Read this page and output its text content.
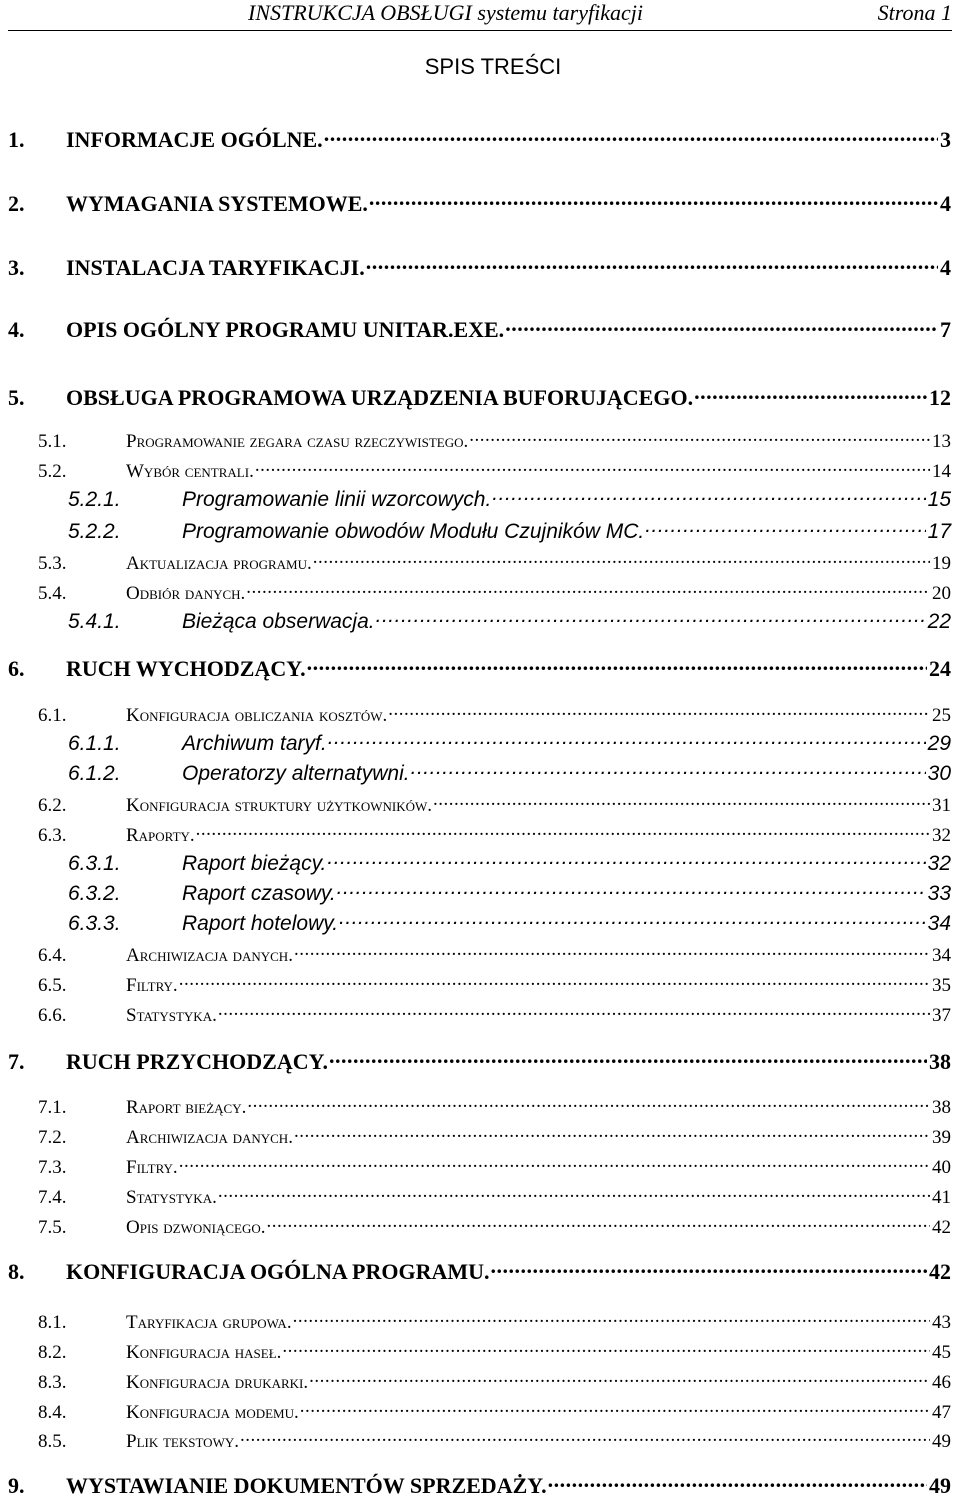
INSTRUKCJA OBSŁUGI systemu taryfikacji	Strona 1
SPIS TREŚCI
1.	INFORMACJE OGÓLNE. .....	3
2.	WYMAGANIA SYSTEMOWE. .....	4
3.	INSTALACJA TARYFIKACJI. .....	4
4.	OPIS OGÓLNY PROGRAMU UNITAR.EXE. .....	7
5.	OBSŁUGA PROGRAMOWA URZĄDZENIA BUFORUJĄCEGO. .....	12
5.1.	Programowanie zegara czasu rzeczywistego. .....	13
5.2.	Wybór centrali. .....	14
5.2.1.	Programowanie linii wzorcowych. .....	15
5.2.2.	Programowanie obwodów Modułu Czujników MC. .....	17
5.3.	Aktualizacja programu. .....	19
5.4.	Odbiór danych. .....	20
5.4.1.	Bieżąca obserwacja. .....	22
6.	RUCH WYCHODZĄCY. .....	24
6.1.	Konfiguracja obliczania kosztów. .....	25
6.1.1.	Archiwum taryf. .....	29
6.1.2.	Operatorzy alternatywni. .....	30
6.2.	Konfiguracja struktury użytkowników. .....	31
6.3.	Raporty. .....	32
6.3.1.	Raport bieżący. .....	32
6.3.2.	Raport czasowy. .....	33
6.3.3.	Raport hotelowy. .....	34
6.4.	Archiwizacja danych. .....	34
6.5.	Filtry. .....	35
6.6.	Statystyka. .....	37
7.	RUCH PRZYCHODZĄCY. .....	38
7.1.	Raport bieżący. .....	38
7.2.	Archiwizacja danych. .....	39
7.3.	Filtry. .....	40
7.4.	Statystyka. .....	41
7.5.	Opis dzwoniącego. .....	42
8.	KONFIGURACJA OGÓLNA PROGRAMU. .....	42
8.1.	Taryfikacja grupowa. .....	43
8.2.	Konfiguracja haseł. .....	45
8.3.	Konfiguracja drukarki. .....	46
8.4.	Konfiguracja modemu. .....	47
8.5.	Plik tekstowy. .....	49
9.	WYSTAWIANIE DOKUMENTÓW SPRZEDAŻY. .....	49
